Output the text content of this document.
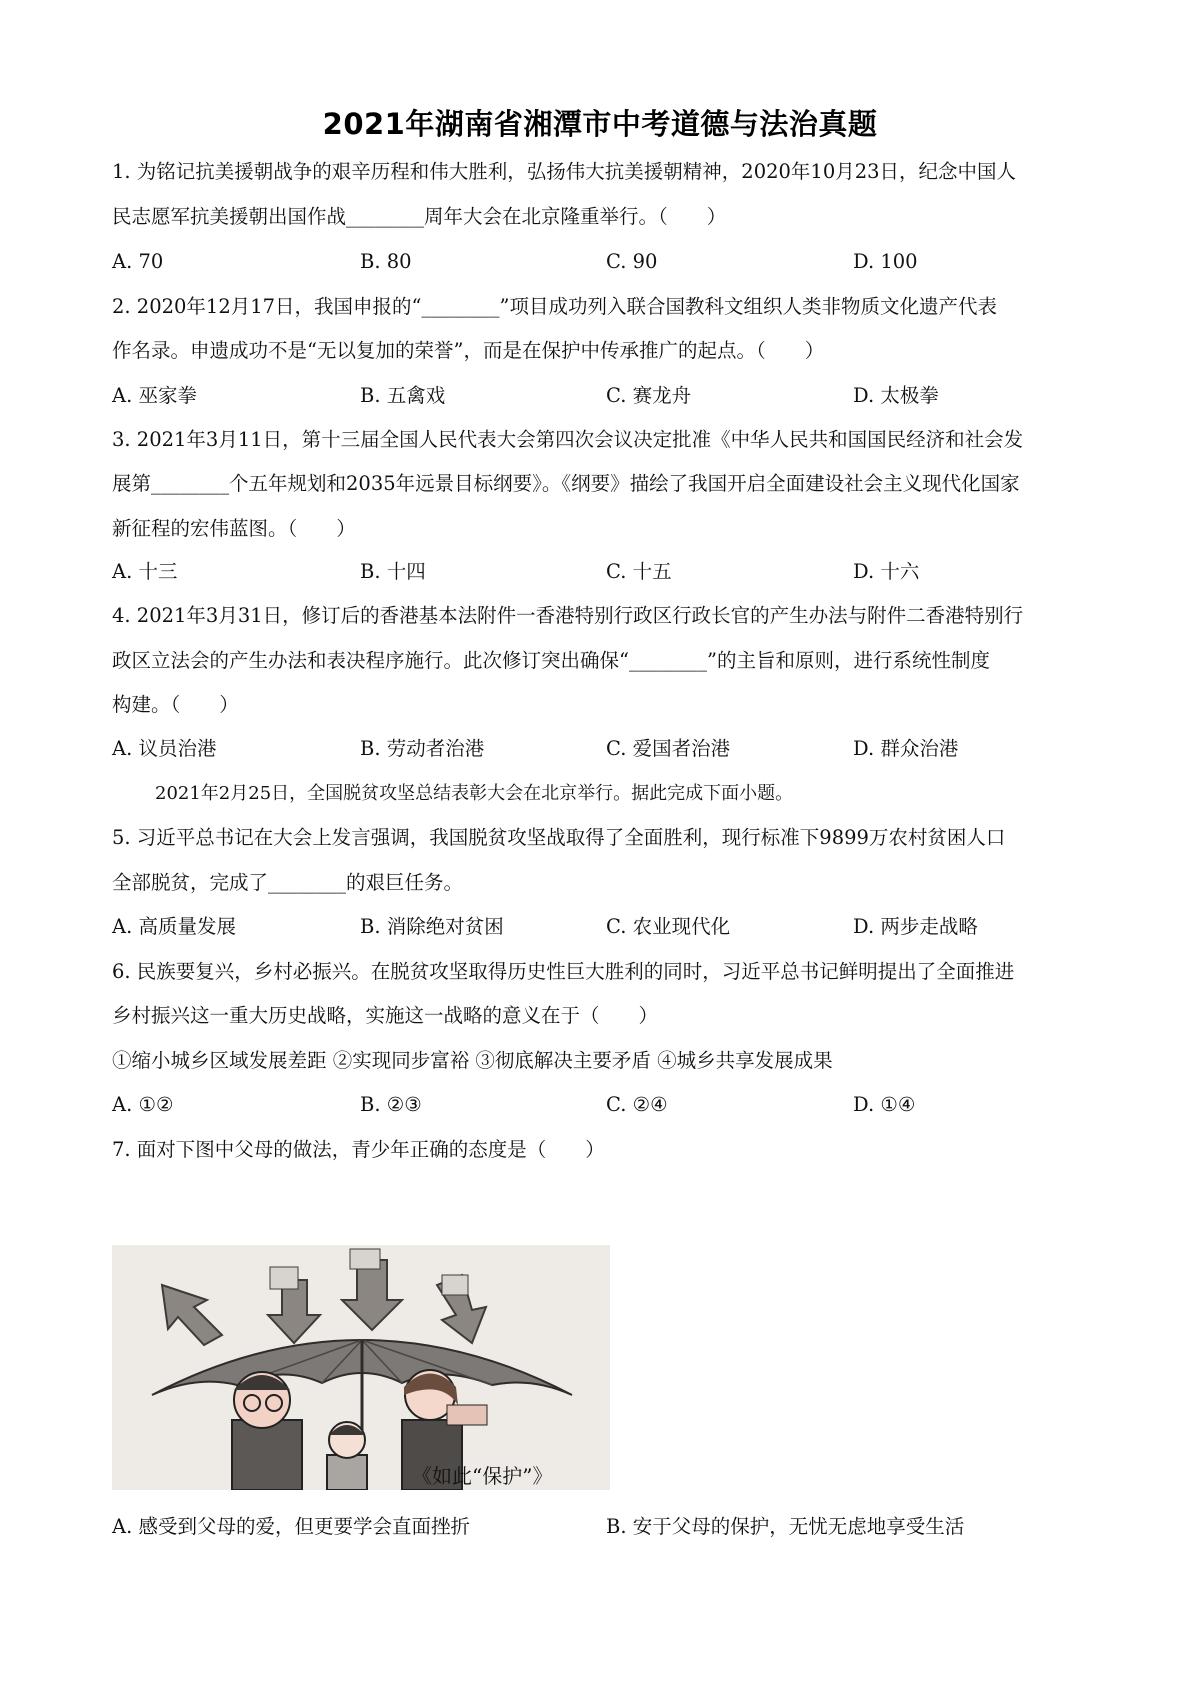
2021年湖南省湘潭市中考道德与法治真题
1. 为铭记抗美援朝战争的艰辛历程和伟大胜利，弘扬伟大抗美援朝精神，2020年10月23日，纪念中国人
民志愿军抗美援朝出国作战________周年大会在北京隆重举行。（　　）
A. 70	B. 80	C. 90	D. 100
2. 2020年12月17日，我国申报的“________”项目成功列入联合国教科文组织人类非物质文化遗产代表
作名录。申遗成功不是“无以复加的荣誉”，而是在保护中传承推广的起点。（　　）
A. 巫家拳	B. 五禽戏	C. 赛龙舟	D. 太极拳
3. 2021年3月11日，第十三届全国人民代表大会第四次会议决定批准《中华人民共和国国民经济和社会发
展第________个五年规划和2035年远景目标纲要》。《纲要》描绘了我国开启全面建设社会主义现代化国家
新征程的宏伟蓝图。（　　）
A. 十三	B. 十四	C. 十五	D. 十六
4. 2021年3月31日，修订后的香港基本法附件一香港特别行政区行政长官的产生办法与附件二香港特别行
政区立法会的产生办法和表决程序施行。此次修订突出确保“________”的主旨和原则，进行系统性制度
构建。（　　）
A. 议员治港	B. 劳动者治港	C. 爱国者治港	D. 群众治港
2021年2月25日，全国脱贫攻坚总结表彰大会在北京举行。据此完成下面小题。
5. 习近平总书记在大会上发言强调，我国脱贫攻坚战取得了全面胜利，现行标准下9899万农村贫困人口
全部脱贫，完成了________的艰巨任务。
A. 高质量发展	B. 消除绝对贫困	C. 农业现代化	D. 两步走战略
6. 民族要复兴，乡村必振兴。在脱贫攻坚取得历史性巨大胜利的同时，习近平总书记鲜明提出了全面推进
乡村振兴这一重大历史战略，实施这一战略的意义在于（　　）
①缩小城乡区域发展差距 ②实现同步富裕 ③彻底解决主要矛盾 ④城乡共享发展成果
A. ①②	B. ②③	C. ②④	D. ①④
7. 面对下图中父母的做法，青少年正确的态度是（　　）
《如此“保护”》
A. 感受到父母的爱，但更要学会直面挫折	B. 安于父母的保护，无忧无虑地享受生活
